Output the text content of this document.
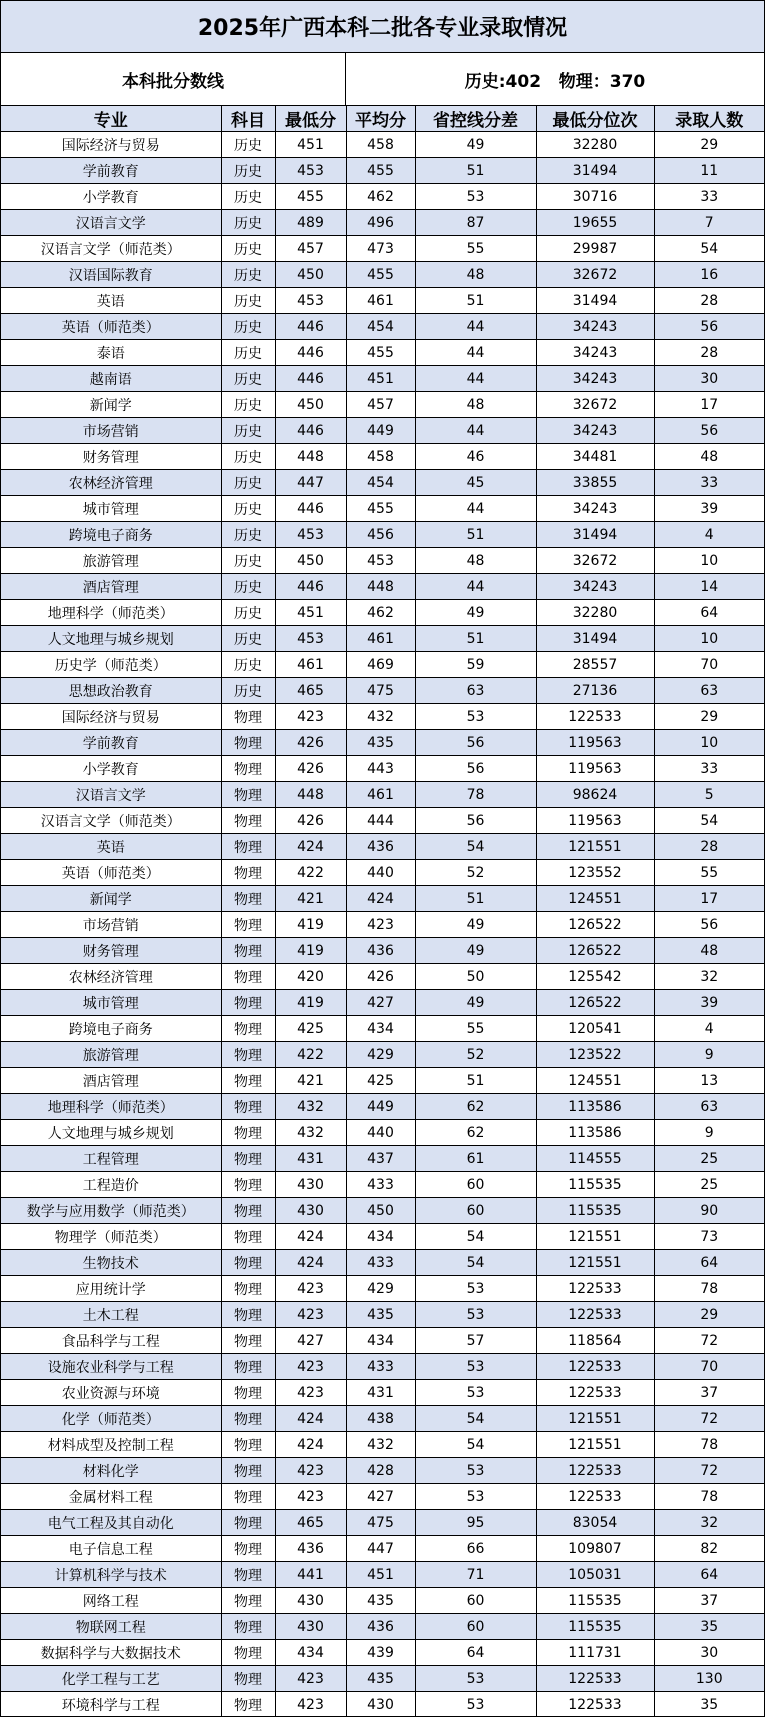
2025年广西本科二批各专业录取情况
本科批分数线	历史:402   物理：370
专业	科目	最低分	平均分	省控线分差	最低分位次	录取人数
国际经济与贸易	历史	451	458	49	32280	29
学前教育	历史	453	455	51	31494	11
小学教育	历史	455	462	53	30716	33
汉语言文学	历史	489	496	87	19655	7
汉语言文学（师范类）	历史	457	473	55	29987	54
汉语国际教育	历史	450	455	48	32672	16
英语	历史	453	461	51	31494	28
英语（师范类）	历史	446	454	44	34243	56
泰语	历史	446	455	44	34243	28
越南语	历史	446	451	44	34243	30
新闻学	历史	450	457	48	32672	17
市场营销	历史	446	449	44	34243	56
财务管理	历史	448	458	46	34481	48
农林经济管理	历史	447	454	45	33855	33
城市管理	历史	446	455	44	34243	39
跨境电子商务	历史	453	456	51	31494	4
旅游管理	历史	450	453	48	32672	10
酒店管理	历史	446	448	44	34243	14
地理科学（师范类）	历史	451	462	49	32280	64
人文地理与城乡规划	历史	453	461	51	31494	10
历史学（师范类）	历史	461	469	59	28557	70
思想政治教育	历史	465	475	63	27136	63
国际经济与贸易	物理	423	432	53	122533	29
学前教育	物理	426	435	56	119563	10
小学教育	物理	426	443	56	119563	33
汉语言文学	物理	448	461	78	98624	5
汉语言文学（师范类）	物理	426	444	56	119563	54
英语	物理	424	436	54	121551	28
英语（师范类）	物理	422	440	52	123552	55
新闻学	物理	421	424	51	124551	17
市场营销	物理	419	423	49	126522	56
财务管理	物理	419	436	49	126522	48
农林经济管理	物理	420	426	50	125542	32
城市管理	物理	419	427	49	126522	39
跨境电子商务	物理	425	434	55	120541	4
旅游管理	物理	422	429	52	123522	9
酒店管理	物理	421	425	51	124551	13
地理科学（师范类）	物理	432	449	62	113586	63
人文地理与城乡规划	物理	432	440	62	113586	9
工程管理	物理	431	437	61	114555	25
工程造价	物理	430	433	60	115535	25
数学与应用数学（师范类）	物理	430	450	60	115535	90
物理学（师范类）	物理	424	434	54	121551	73
生物技术	物理	424	433	54	121551	64
应用统计学	物理	423	429	53	122533	78
土木工程	物理	423	435	53	122533	29
食品科学与工程	物理	427	434	57	118564	72
设施农业科学与工程	物理	423	433	53	122533	70
农业资源与环境	物理	423	431	53	122533	37
化学（师范类）	物理	424	438	54	121551	72
材料成型及控制工程	物理	424	432	54	121551	78
材料化学	物理	423	428	53	122533	72
金属材料工程	物理	423	427	53	122533	78
电气工程及其自动化	物理	465	475	95	83054	32
电子信息工程	物理	436	447	66	109807	82
计算机科学与技术	物理	441	451	71	105031	64
网络工程	物理	430	435	60	115535	37
物联网工程	物理	430	436	60	115535	35
数据科学与大数据技术	物理	434	439	64	111731	30
化学工程与工艺	物理	423	435	53	122533	130
环境科学与工程	物理	423	430	53	122533	35
